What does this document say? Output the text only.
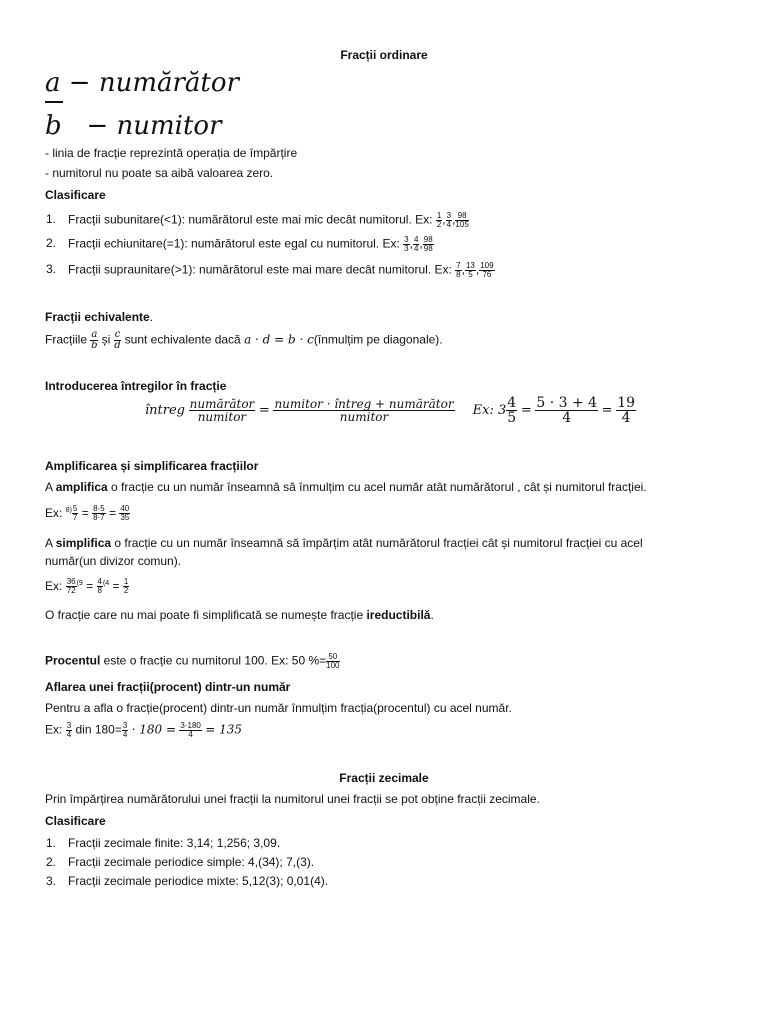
Fracții ordinare
a − numărător
b − numitor
- linia de fracție reprezintă operația de împărțire
- numitorul nu poate sa aibă valoarea zero.
Clasificare
1. Fracții subunitare(<1): numărătorul este mai mic decât numitorul. Ex: $\frac{1}{2}$ , $\frac{3}{4}$ , $\frac{98}{105}$
2. Fracții echiunitare(=1): numărătorul este egal cu numitorul. Ex: $\frac{3}{3}$ , $\frac{4}{4}$ , $\frac{98}{98}$
3. Fracții supraunitare(>1): numărătorul este mai mare decât numitorul. Ex: $\frac{7}{8}$ , $\frac{13}{5}$ , $\frac{109}{76}$
Fracții echivalente.
Fracțiile $\frac{a}{b}$ și $\frac{c}{d}$ sunt echivalente dacă a · d = b · c(înmulțim pe diagonale).
Introducerea întregilor în fracție
întreg $\frac{\text{numărător}}{\text{numitor}} = \frac{\text{numitor · întreg + numărător}}{\text{numitor}} Ex$: $3 \frac{4}{5} = \frac{5 \cdot 3 + 4}{4} = \frac{19}{4}$
Amplificarea și simplificarea fracțiilor
A amplifica o fracție cu un număr înseamnă să înmulțim cu acel număr atât numărătorul , cât și numitorul fracției.
Ex: $^{8)} \frac{5}{7} = \frac{8\cdot 5}{8\cdot 7} = \frac{40}{35}$
A simplifica o fracție cu un număr înseamnă să împărțim atât numărătorul fracției cât și numitorul fracției cu acel
număr(un divizor comun).
Ex: $\frac{36}{72} ^{(9} = \frac{4}{8} ^{(4} = \frac{1}{2}$
O fracție care nu mai poate fi simplificată se numește fracție ireductibilă.
Procentul este o fracție cu numitorul 100. Ex: 50 %= $\frac{50}{100}$
Aflarea unei fracții(procent) dintr-un număr
Pentru a afla o fracție(procent) dintr-un număr înmulțim fracția(procentul) cu acel număr.
Ex: $\frac{3}{4}$ din $180= \frac{3}{4} \cdot 180 = \frac{3\cdot 180}{4} = 135$
Fracții zecimale
Prin împărțirea numărătorului unei fracții la numitorul unei fracții se pot obține fracții zecimale.
Clasificare
1. Fracții zecimale finite: 3,14; 1,256; 3,09.
2. Fracții zecimale periodice simple: 4,(34); 7,(3).
3. Fracții zecimale periodice mixte: 5,12(3); 0,01(4).
